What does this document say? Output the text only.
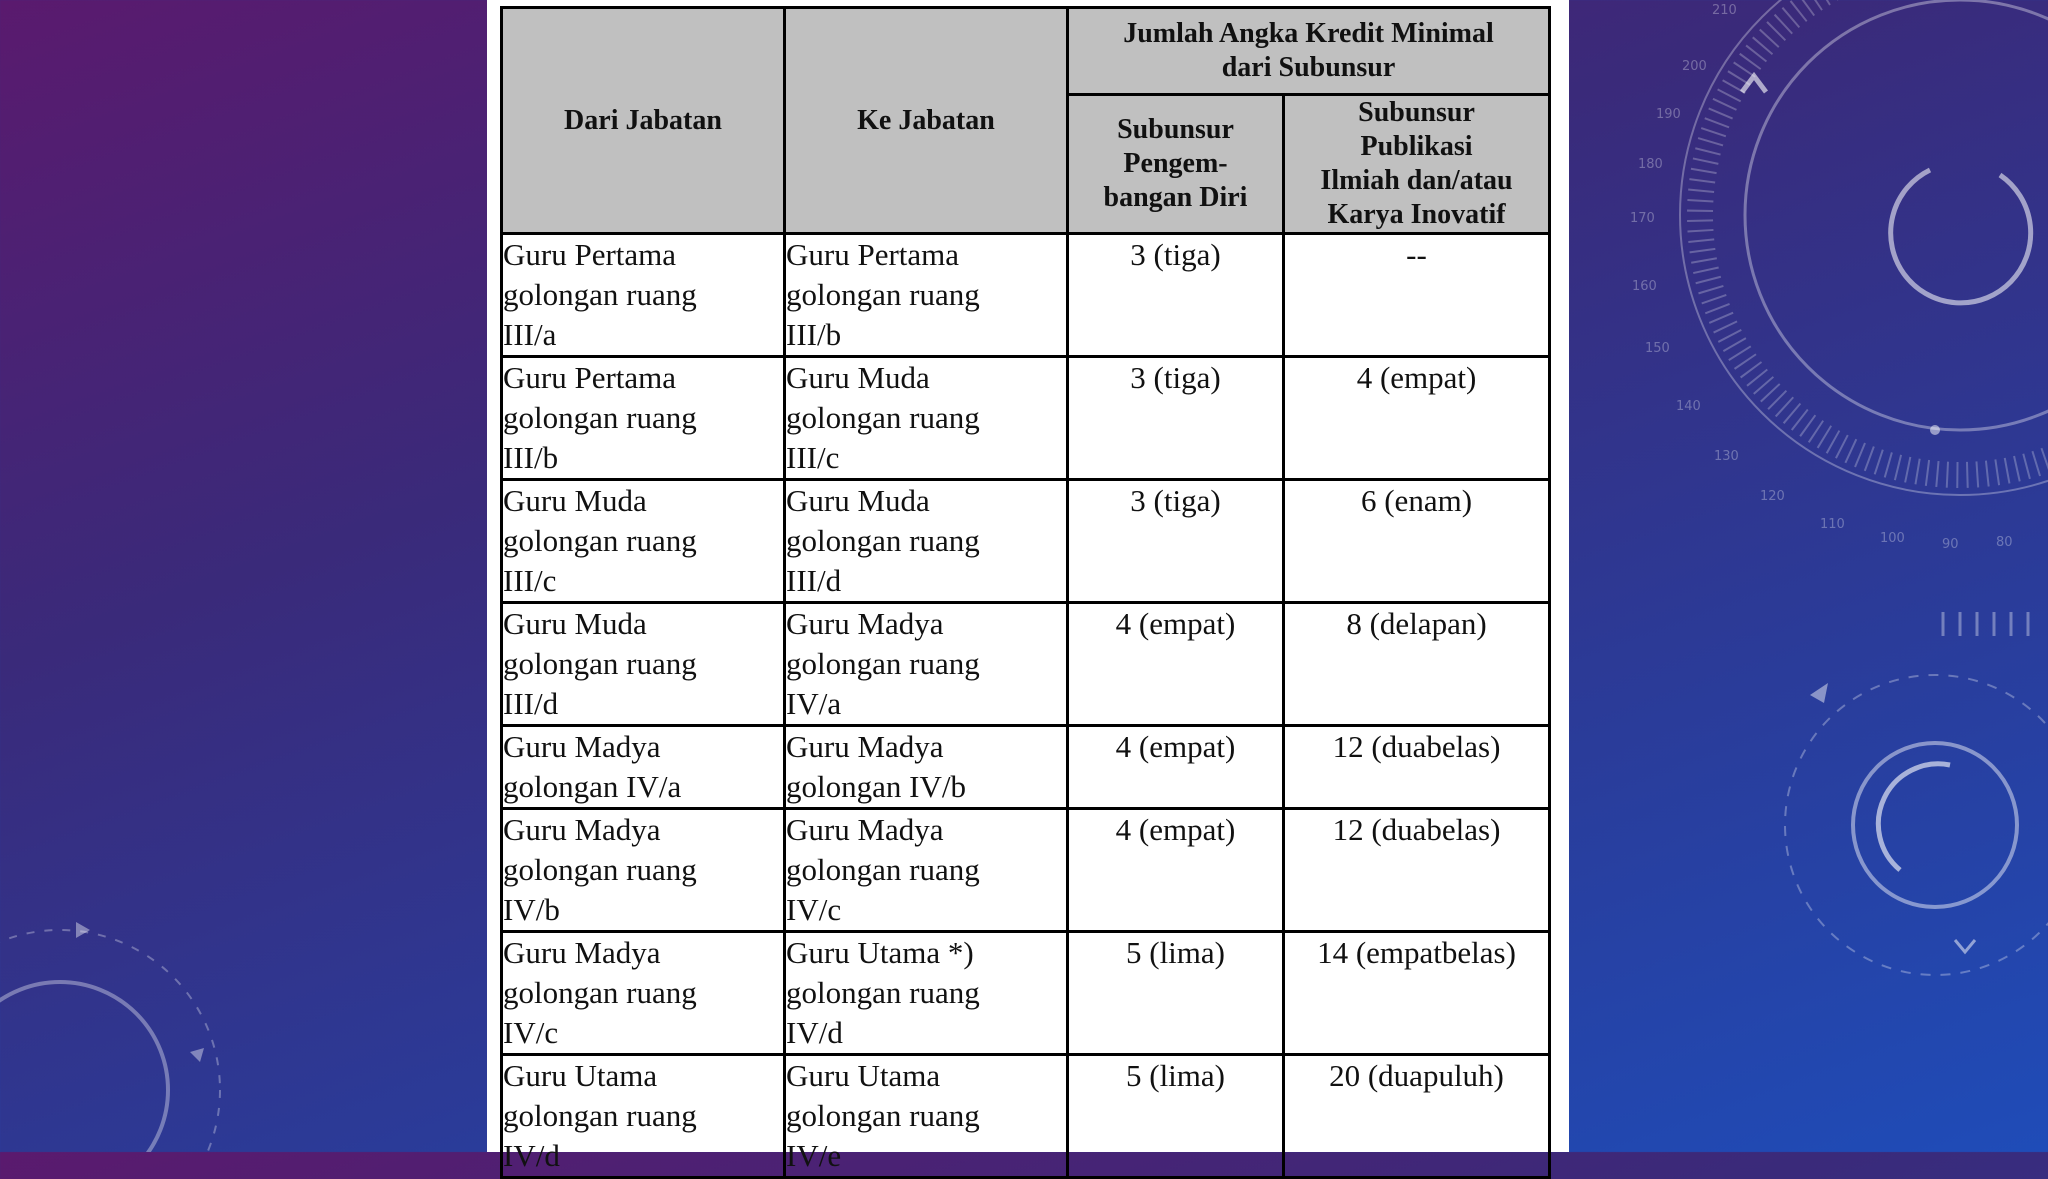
210
200
190
180
170
160
150
140
130
120
110
100	90	80
Dari Jabatan	Ke Jabatan	Jumlah Angka Kredit Minimal
dari Subunsur	

		Subunsur
Pengem-
bangan Diri	Subunsur
Publikasi
Ilmiah dan/atau
Karya Inovatif

Guru Pertama
golongan ruang
III/a	Guru Pertama
golongan ruang
III/b	3 (tiga)	--

Guru Pertama
golongan ruang
III/b	Guru Muda
golongan ruang
III/c	3 (tiga)	4 (empat)

Guru Muda
golongan ruang
III/c	Guru Muda
golongan ruang
III/d	3 (tiga)	6 (enam)

Guru Muda
golongan ruang
III/d	Guru Madya
golongan ruang
IV/a	4 (empat)	8 (delapan)

Guru Madya
golongan IV/a	Guru Madya
golongan IV/b	4 (empat)	12 (duabelas)

Guru Madya
golongan ruang
IV/b	Guru Madya
golongan ruang
IV/c	4 (empat)	12 (duabelas)

Guru Madya
golongan ruang
IV/c	Guru Utama *)
golongan ruang
IV/d	5 (lima)	14 (empatbelas)

Guru Utama
golongan ruang
IV/d	Guru Utama
golongan ruang
IV/e	5 (lima)	20 (duapuluh)
